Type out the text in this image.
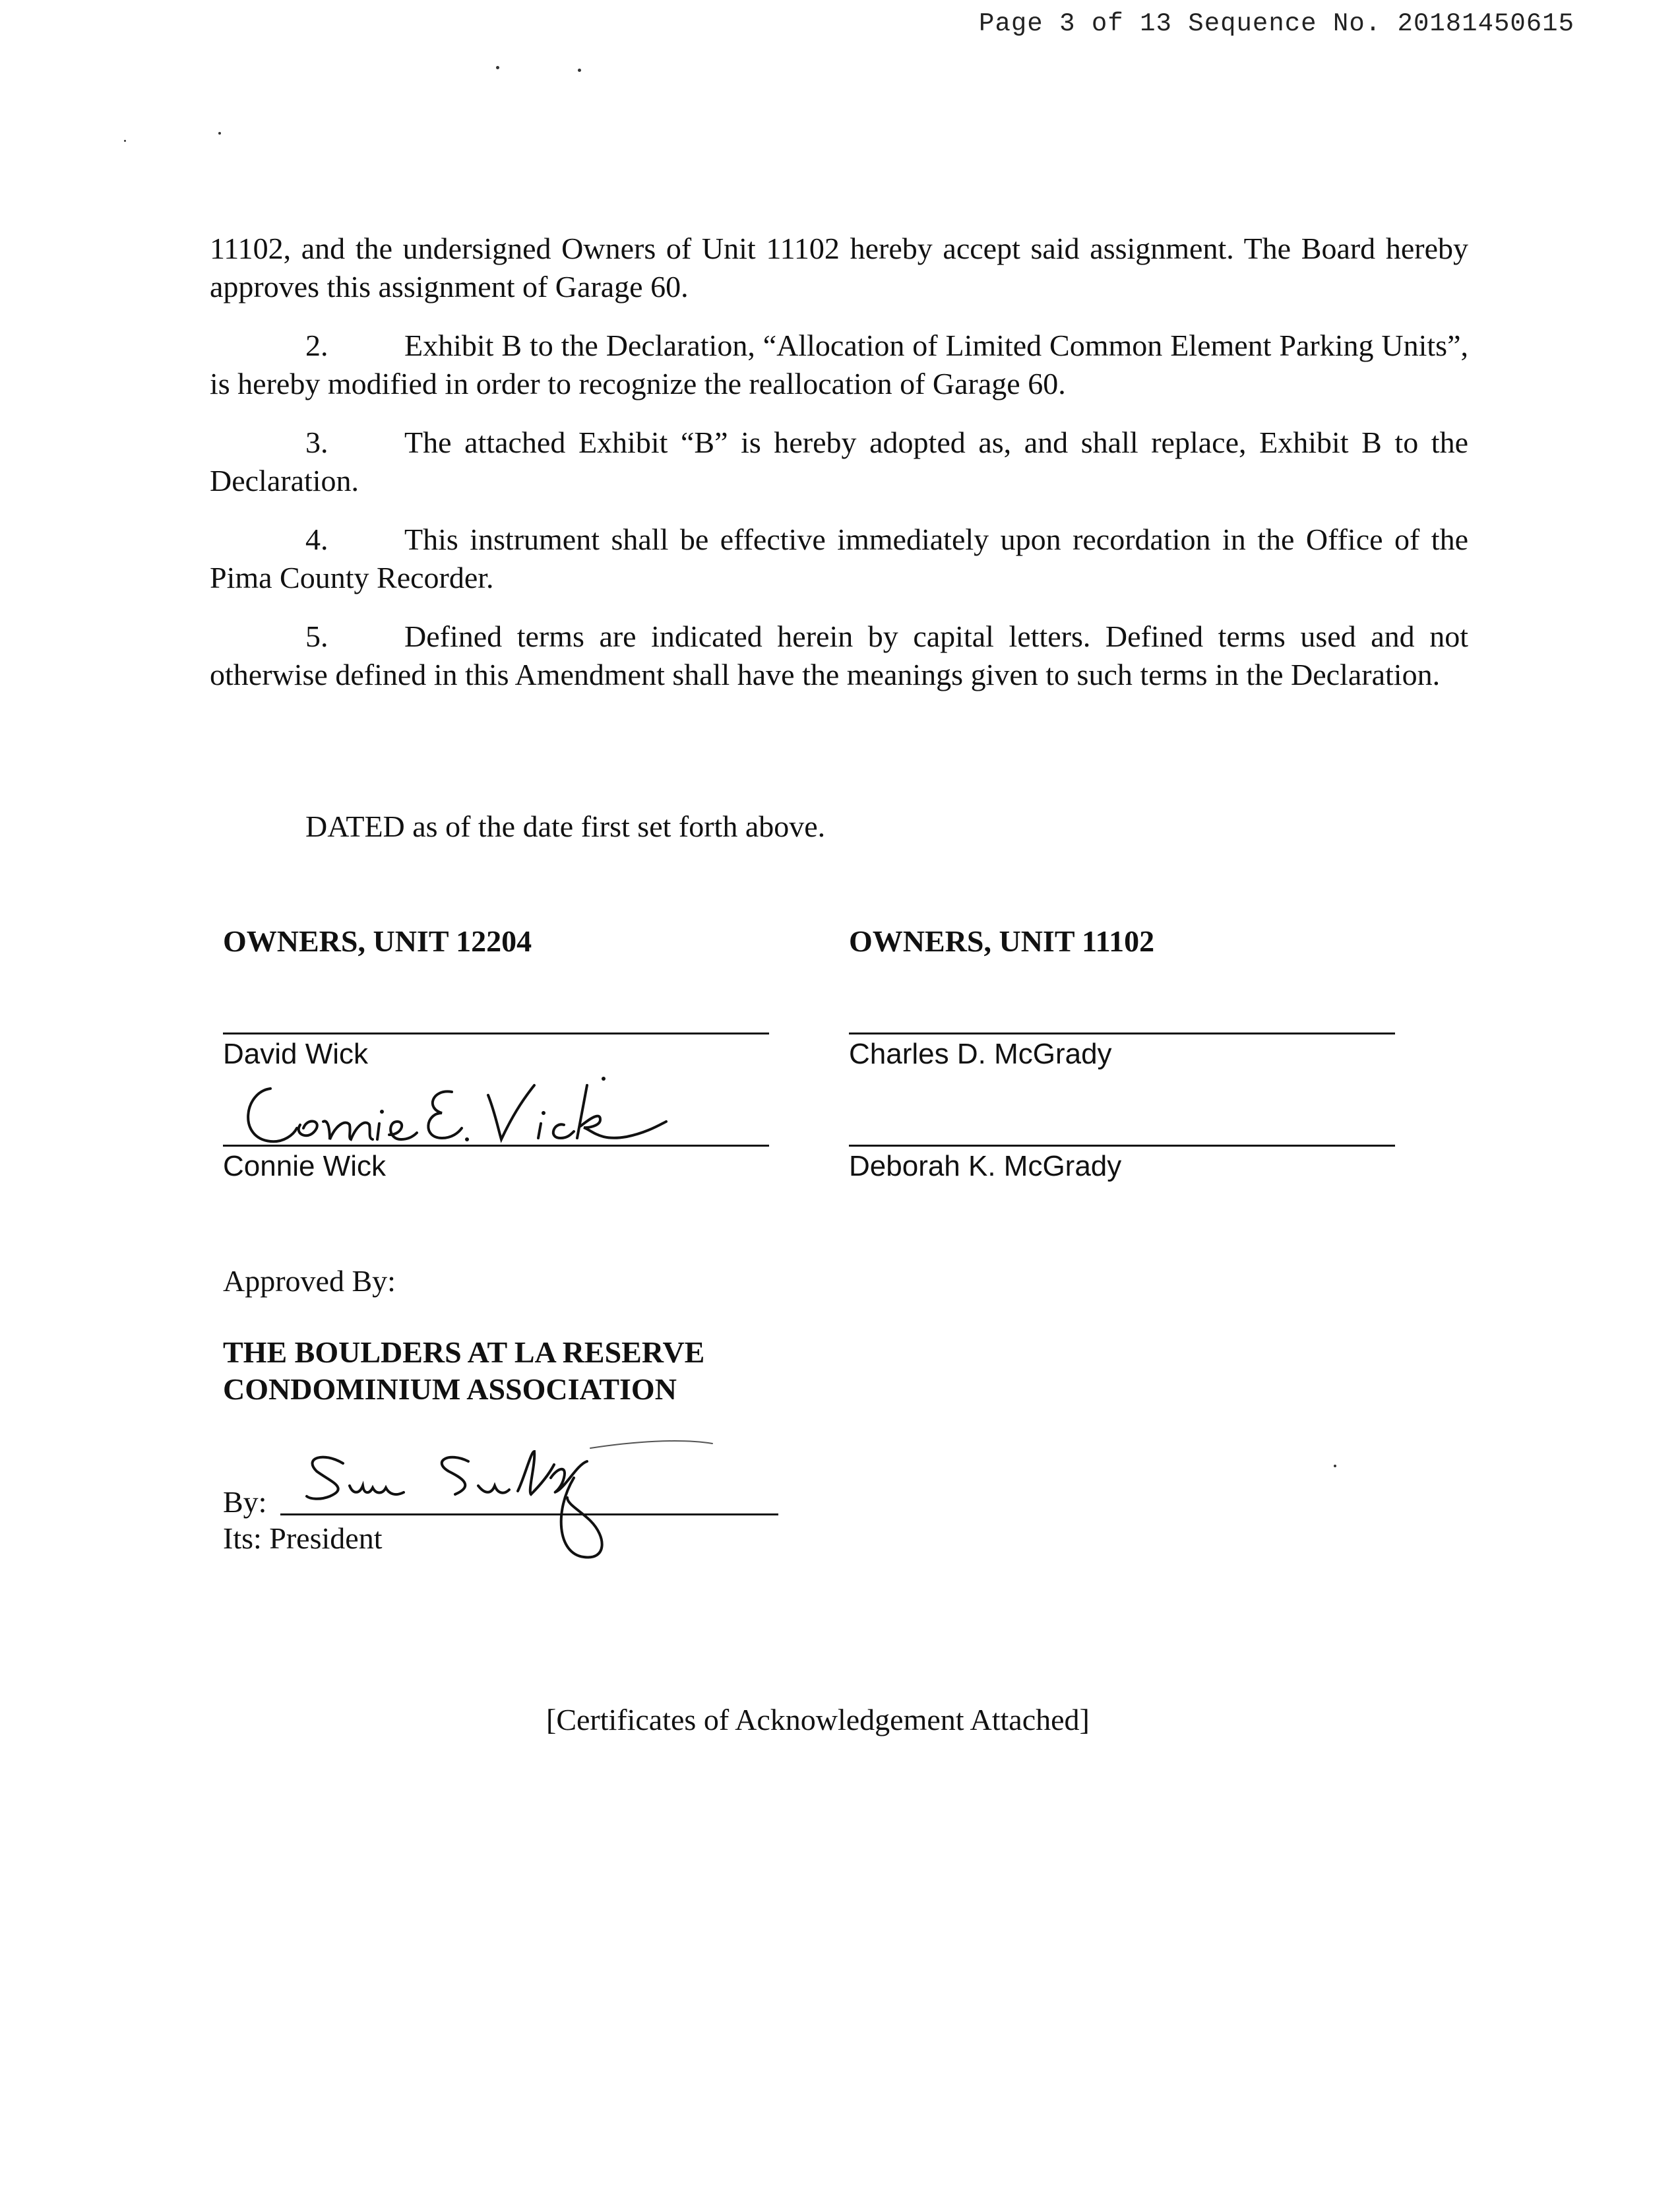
Page 3 of 13 Sequence No. 20181450615

11102, and the undersigned Owners of Unit 11102 hereby accept said assignment. The Board hereby approves this assignment of Garage 60.

2.	Exhibit B to the Declaration, “Allocation of Limited Common Element Parking Units”, is hereby modified in order to recognize the reallocation of Garage 60.

3.	The attached Exhibit “B” is hereby adopted as, and shall replace, Exhibit B to the Declaration.

4.	This instrument shall be effective immediately upon recordation in the Office of the Pima County Recorder.

5.	Defined terms are indicated herein by capital letters. Defined terms used and not otherwise defined in this Amendment shall have the meanings given to such terms in the Declaration.

DATED as of the date first set forth above.
OWNERS, UNIT 12204	OWNERS, UNIT 11102
David Wick
Connie Wick
Charles D. McGrady
Deborah K. McGrady
Approved By:
THE BOULDERS AT LA RESERVE
CONDOMINIUM ASSOCIATION
By:
Its: President
[Certificates of Acknowledgement Attached]
